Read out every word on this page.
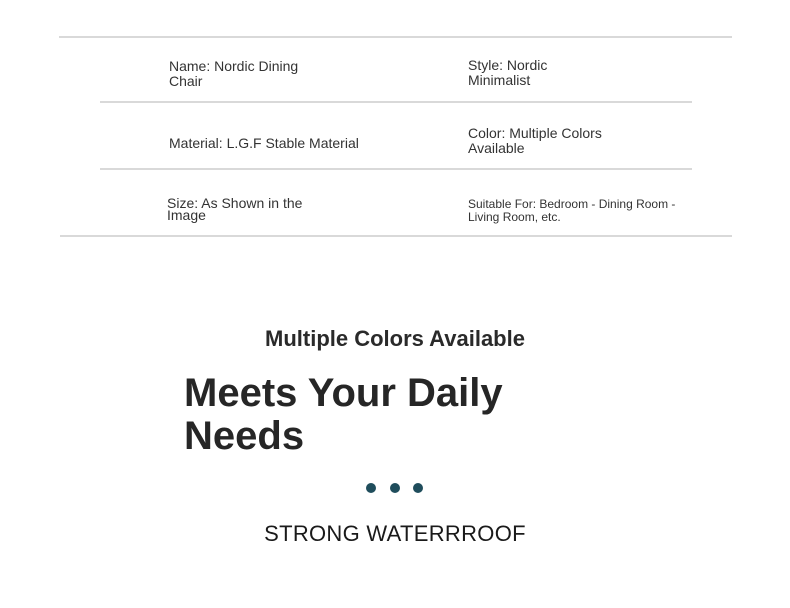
Name: Nordic Dining Chair
Style: Nordic Minimalist
Material: L.G.F Stable Material
Color: Multiple Colors Available
Size: As Shown in the Image
Suitable For: Bedroom - Dining Room - Living Room, etc.
Multiple Colors Available
Meets Your Daily Needs
STRONG WATERRROOF
